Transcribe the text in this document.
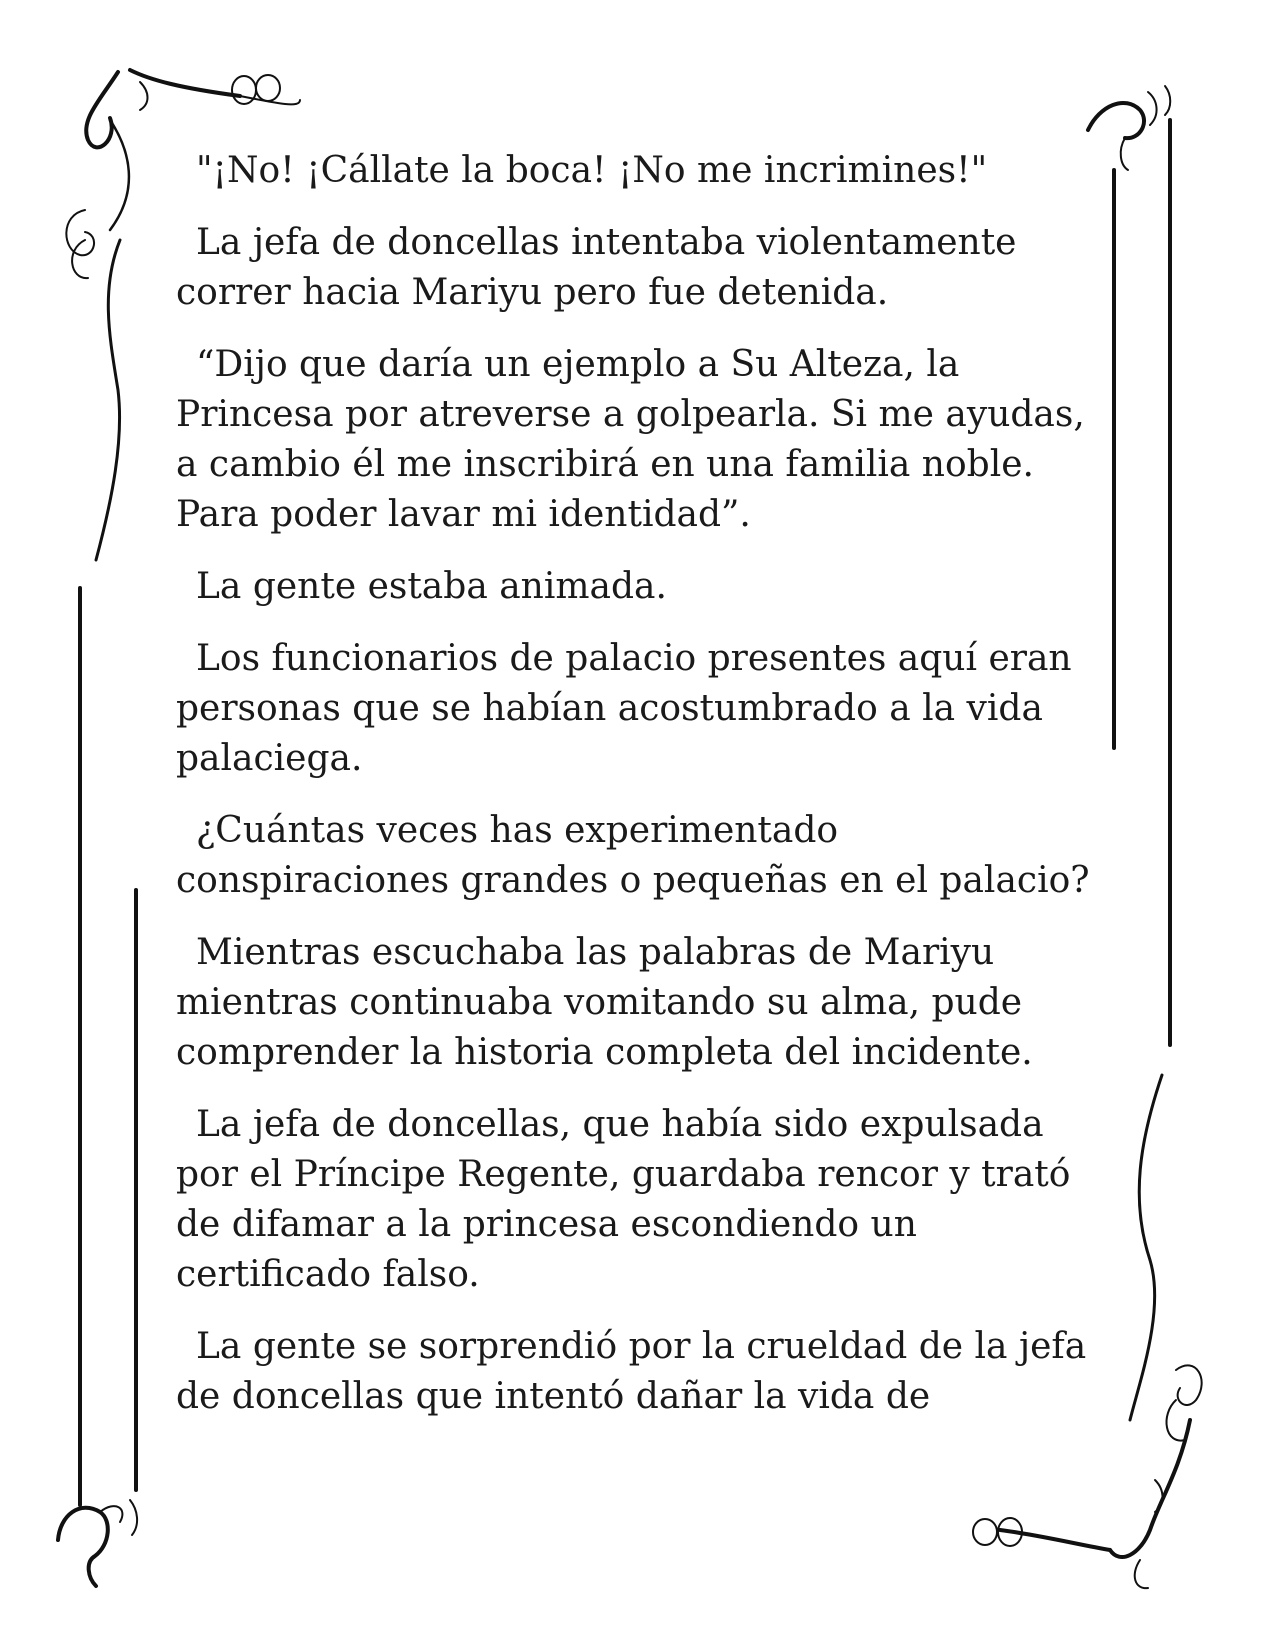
"¡No! ¡Cállate la boca! ¡No me incrimines!"

La jefa de doncellas intentaba violentamente correr hacia Mariyu pero fue detenida.

“Dijo que daría un ejemplo a Su Alteza, la Princesa por atreverse a golpearla. Si me ayudas, a cambio él me inscribirá en una familia noble. Para poder lavar mi identidad”.

La gente estaba animada.

Los funcionarios de palacio presentes aquí eran personas que se habían acostumbrado a la vida palaciega.

¿Cuántas veces has experimentado conspiraciones grandes o pequeñas en el palacio?

Mientras escuchaba las palabras de Mariyu mientras continuaba vomitando su alma, pude comprender la historia completa del incidente.

La jefa de doncellas, que había sido expulsada por el Príncipe Regente, guardaba rencor y trató de difamar a la princesa escondiendo un certificado falso.

La gente se sorprendió por la crueldad de la jefa de doncellas que intentó dañar la vida de
